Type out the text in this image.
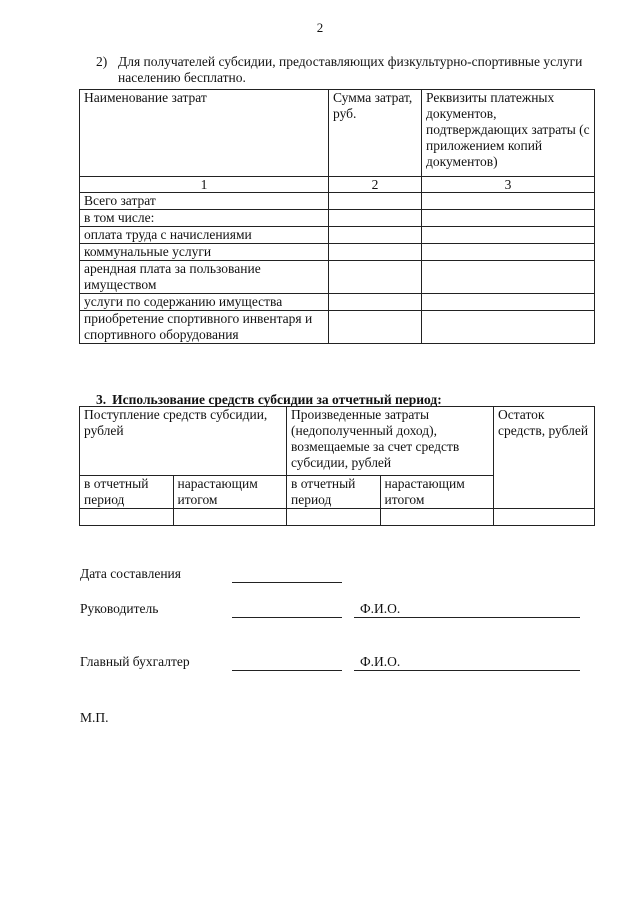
2
2) Для получателей субсидии, предоставляющих физкультурно-спортивные услуги населению бесплатно.
Наименование затрат	Сумма затрат, руб.	Реквизиты платежных документов, подтверждающих затраты (с приложением копий документов)
1	2	3
Всего затрат		
в том числе:		
оплата труда с начислениями		
коммунальные услуги		
арендная плата за пользование имуществом		
услуги по содержанию имущества		
приобретение спортивного инвентаря и спортивного оборудования		
3. Использование средств субсидии за отчетный период:
Поступление средств субсидии, рублей		Произведенные затраты (недополученный доход), возмещаемые за счет средств субсидии, рублей		Остаток средств, рублей
в отчетный период	нарастающим итогом	в отчетный период	нарастающим итогом	

Дата составления
Руководитель	Ф.И.О.
Главный бухгалтер	Ф.И.О.
М.П.
